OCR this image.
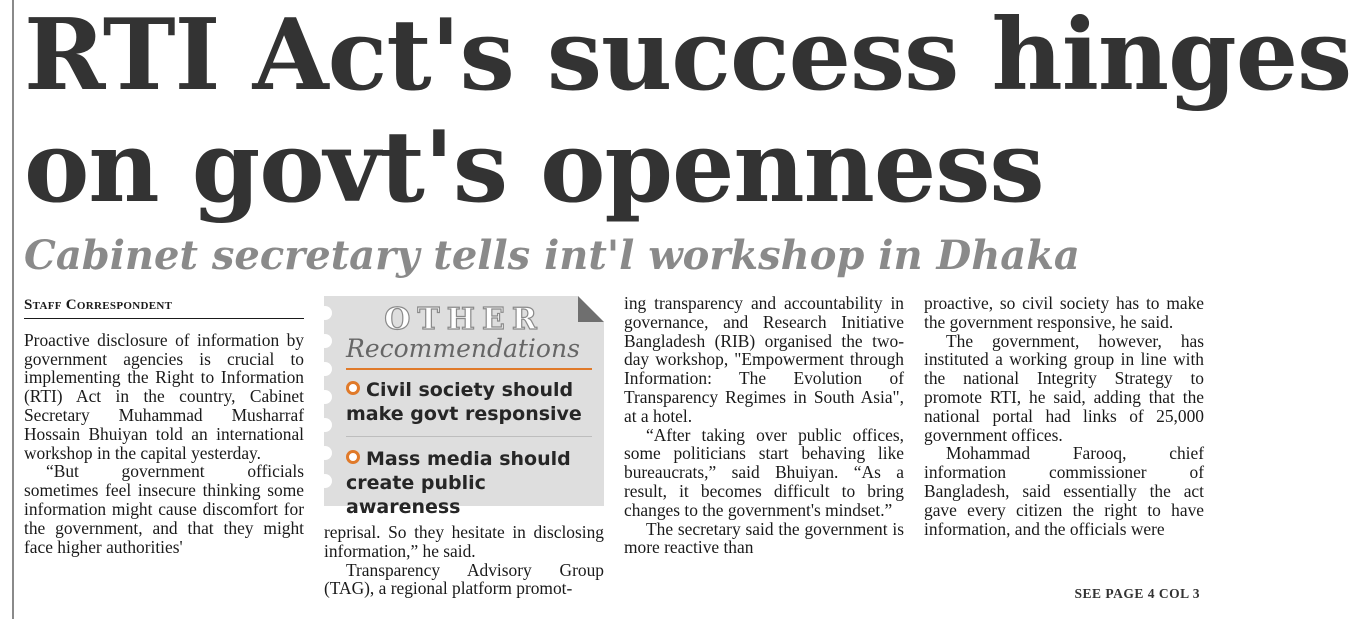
RTI Act's success hinges
on govt's openness
Cabinet secretary tells int'l workshop in Dhaka
Staff Correspondent

Proactive disclosure of information by government agencies is crucial to implementing the Right to Information (RTI) Act in the country, Cabinet Secretary Muhammad Musharraf Hossain Bhuiyan told an international workshop in the capital yesterday.

“But government officials sometimes feel insecure thinking some information might cause discomfort for the government, and that they might face higher authorities'

OTHER
Recommendations
Civil society should make govt responsive
Mass media should create public awareness

reprisal. So they hesitate in disclosing information,” he said.

Transparency Advisory Group (TAG), a regional platform promot-

ing transparency and accountability in governance, and Research Initiative Bangladesh (RIB) organised the two-day workshop, "Empowerment through Information: The Evolution of Transparency Regimes in South Asia", at a hotel.

“After taking over public offices, some politicians start behaving like bureaucrats,” said Bhuiyan. “As a result, it becomes difficult to bring changes to the government's mindset.”

The secretary said the government is more reactive than

proactive, so civil society has to make the government responsive, he said.

The government, however, has instituted a working group in line with the national Integrity Strategy to promote RTI, he said, adding that the national portal had links of 25,000 government offices.

Mohammad Farooq, chief information commissioner of Bangladesh, said essentially the act gave every citizen the right to have information, and the officials were

SEE PAGE 4 COL 3
